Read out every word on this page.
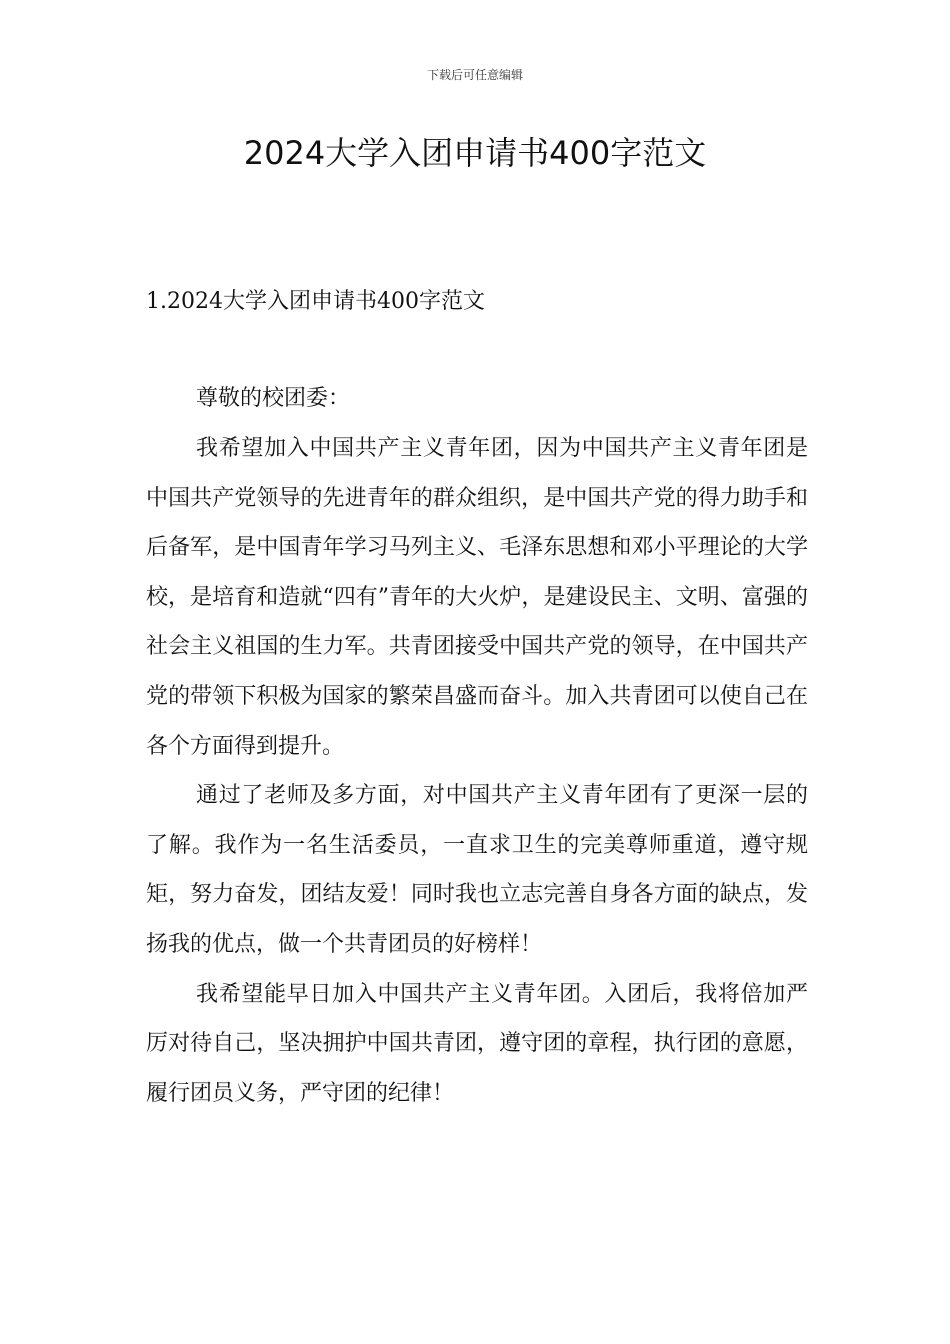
下载后可任意编辑
2024大学入团申请书400字范文
1.2024大学入团申请书400字范文
尊敬的校团委：

我希望加入中国共产主义青年团，因为中国共产主义青年团是中国共产党领导的先进青年的群众组织，是中国共产党的得力助手和后备军，是中国青年学习马列主义、毛泽东思想和邓小平理论的大学校，是培育和造就“四有”青年的大火炉，是建设民主、文明、富强的社会主义祖国的生力军。共青团接受中国共产党的领导，在中国共产党的带领下积极为国家的繁荣昌盛而奋斗。加入共青团可以使自己在各个方面得到提升。

通过了老师及多方面，对中国共产主义青年团有了更深一层的了解。我作为一名生活委员，一直求卫生的完美尊师重道，遵守规矩，努力奋发，团结友爱！同时我也立志完善自身各方面的缺点，发扬我的优点，做一个共青团员的好榜样！

我希望能早日加入中国共产主义青年团。入团后，我将倍加严厉对待自己，坚决拥护中国共青团，遵守团的章程，执行团的意愿，履行团员义务，严守团的纪律！
